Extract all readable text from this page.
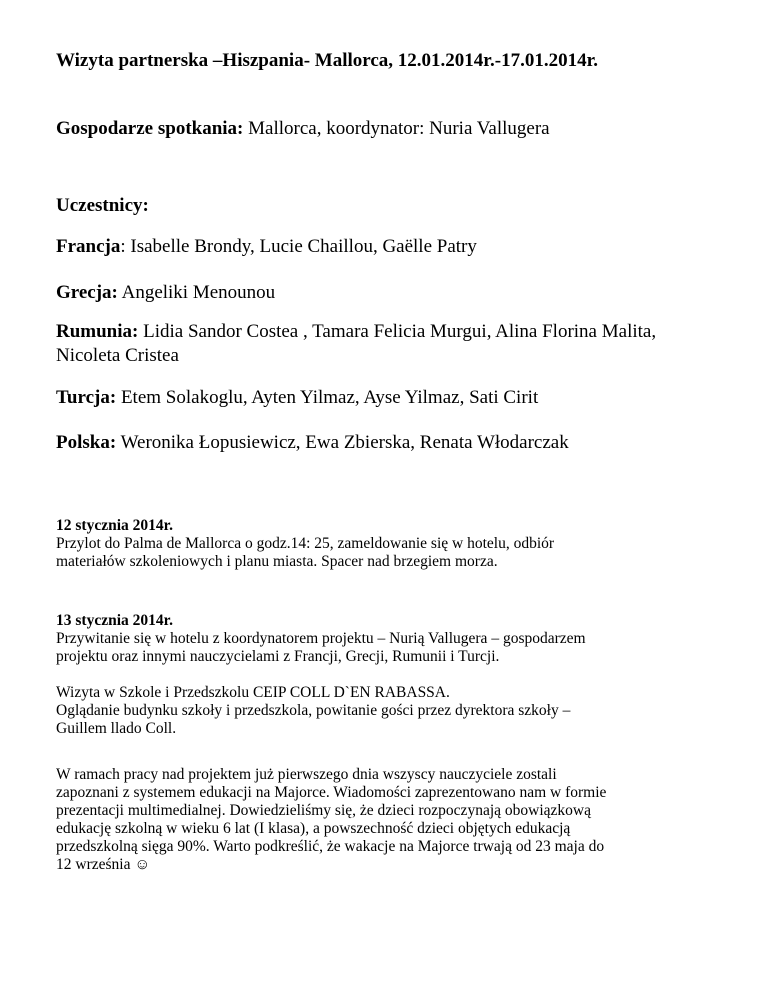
Wizyta partnerska –Hiszpania- Mallorca, 12.01.2014r.-17.01.2014r.
Gospodarze spotkania: Mallorca, koordynator: Nuria Vallugera
Uczestnicy:
Francja: Isabelle Brondy, Lucie Chaillou, Gaëlle Patry
Grecja: Angeliki Menounou
Rumunia: Lidia Sandor Costea , Tamara Felicia Murgui, Alina Florina Malita,
Nicoleta Cristea
Turcja: Etem Solakoglu, Ayten Yilmaz, Ayse Yilmaz, Sati Cirit
Polska: Weronika Łopusiewicz, Ewa Zbierska, Renata Włodarczak
12 stycznia 2014r.
Przylot do Palma de Mallorca o godz.14: 25, zameldowanie się w hotelu, odbiór
materiałów szkoleniowych i planu miasta. Spacer nad brzegiem morza.
13 stycznia 2014r.
Przywitanie się w hotelu z koordynatorem projektu – Nurią Vallugera – gospodarzem
projektu oraz innymi nauczycielami z Francji, Grecji, Rumunii i Turcji.
Wizyta w Szkole i Przedszkolu CEIP COLL D`EN RABASSA.
Oglądanie budynku szkoły i przedszkola, powitanie gości przez dyrektora szkoły –
Guillem llado Coll.
W ramach pracy nad projektem już pierwszego dnia wszyscy nauczyciele zostali
zapoznani z systemem edukacji na Majorce. Wiadomości zaprezentowano nam w formie
prezentacji multimedialnej. Dowiedzieliśmy się, że dzieci rozpoczynają obowiązkową
edukację szkolną w wieku 6 lat (I klasa), a powszechność dzieci objętych edukacją
przedszkolną sięga 90%. Warto podkreślić, że wakacje na Majorce trwają od 23 maja do
12 września ☺
